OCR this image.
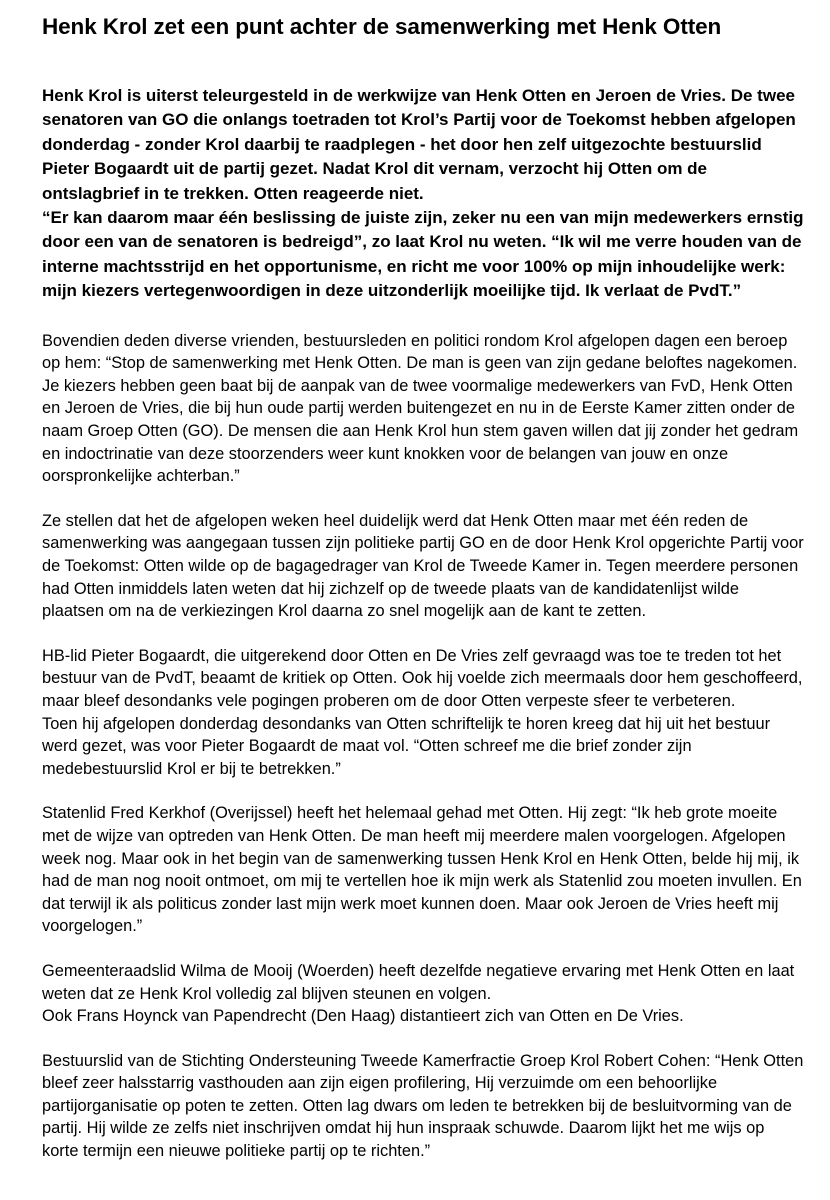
Henk Krol zet een punt achter de samenwerking met Henk Otten

Henk Krol is uiterst teleurgesteld in de werkwijze van Henk Otten en Jeroen de Vries. De twee senatoren van GO die onlangs toetraden tot Krol’s Partij voor de Toekomst hebben afgelopen donderdag - zonder Krol daarbij te raadplegen - het door hen zelf uitgezochte bestuurslid Pieter Bogaardt uit de partij gezet. Nadat Krol dit vernam, verzocht hij Otten om de ontslagbrief in te trekken. Otten reageerde niet.

“Er kan daarom maar één beslissing de juiste zijn, zeker nu een van mijn medewerkers ernstig door een van de senatoren is bedreigd”, zo laat Krol nu weten. “Ik wil me verre houden van de interne machtsstrijd en het opportunisme, en richt me voor 100% op mijn inhoudelijke werk: mijn kiezers vertegenwoordigen in deze uitzonderlijk moeilijke tijd. Ik verlaat de PvdT.”

Bovendien deden diverse vrienden, bestuursleden en politici rondom Krol afgelopen dagen een beroep op hem: “Stop de samenwerking met Henk Otten. De man is geen van zijn gedane beloftes nagekomen. Je kiezers hebben geen baat bij de aanpak van de twee voormalige medewerkers van FvD, Henk Otten en Jeroen de Vries, die bij hun oude partij werden buitengezet en nu in de Eerste Kamer zitten onder de naam Groep Otten (GO). De mensen die aan Henk Krol hun stem gaven willen dat jij zonder het gedram en indoctrinatie van deze stoorzenders weer kunt knokken voor de belangen van jouw en onze oorspronkelijke achterban.”

Ze stellen dat het de afgelopen weken heel duidelijk werd dat Henk Otten maar met één reden de samenwerking was aangegaan tussen zijn politieke partij GO en de door Henk Krol opgerichte Partij voor de Toekomst: Otten wilde op de bagagedrager van Krol de Tweede Kamer in. Tegen meerdere personen had Otten inmiddels laten weten dat hij zichzelf op de tweede plaats van de kandidatenlijst wilde plaatsen om na de verkiezingen Krol daarna zo snel mogelijk aan de kant te zetten.

HB-lid Pieter Bogaardt, die uitgerekend door Otten en De Vries zelf gevraagd was toe te treden tot het bestuur van de PvdT, beaamt de kritiek op Otten. Ook hij voelde zich meermaals door hem geschoffeerd, maar bleef desondanks vele pogingen proberen om de door Otten verpeste sfeer te verbeteren.

Toen hij afgelopen donderdag desondanks van Otten schriftelijk te horen kreeg dat hij uit het bestuur werd gezet, was voor Pieter Bogaardt de maat vol. “Otten schreef me die brief zonder zijn medebestuurslid Krol er bij te betrekken.”

Statenlid Fred Kerkhof (Overijssel) heeft het helemaal gehad met Otten. Hij zegt: “Ik heb grote moeite met de wijze van optreden van Henk Otten. De man heeft mij meerdere malen voorgelogen. Afgelopen week nog. Maar ook in het begin van de samenwerking tussen Henk Krol en Henk Otten, belde hij mij, ik had de man nog nooit ontmoet, om mij te vertellen hoe ik mijn werk als Statenlid zou moeten invullen. En dat terwijl ik als politicus zonder last mijn werk moet kunnen doen. Maar ook Jeroen de Vries heeft mij voorgelogen.”

Gemeenteraadslid Wilma de Mooij (Woerden) heeft dezelfde negatieve ervaring met Henk Otten en laat weten dat ze Henk Krol volledig zal blijven steunen en volgen.

Ook Frans Hoynck van Papendrecht (Den Haag) distantieert zich van Otten en De Vries.

Bestuurslid van de Stichting Ondersteuning Tweede Kamerfractie Groep Krol Robert Cohen: “Henk Otten bleef zeer halsstarrig vasthouden aan zijn eigen profilering, Hij verzuimde om een behoorlijke partijorganisatie op poten te zetten. Otten lag dwars om leden te betrekken bij de besluitvorming van de partij. Hij wilde ze zelfs niet inschrijven omdat hij hun inspraak schuwde. Daarom lijkt het me wijs op korte termijn een nieuwe politieke partij op te richten.”
